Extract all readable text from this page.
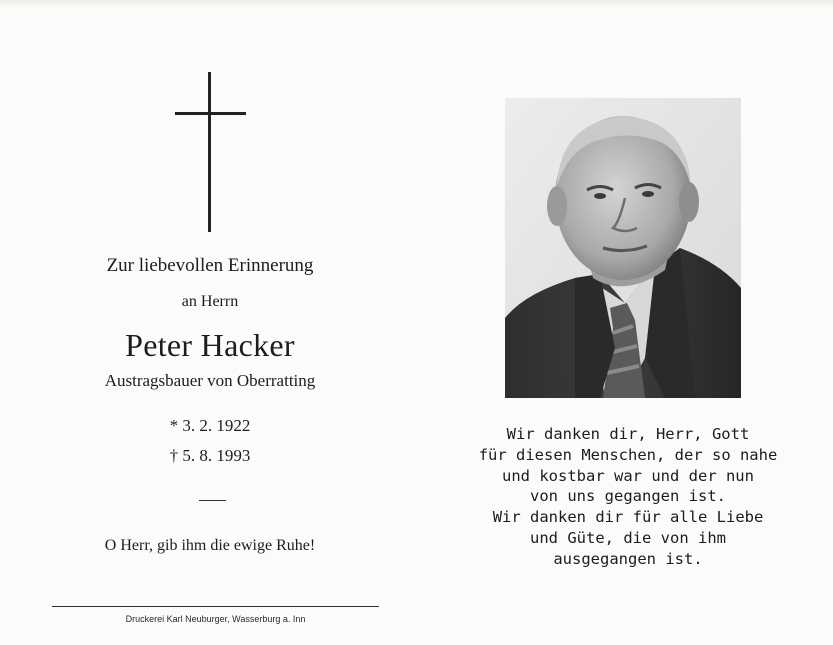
Zur liebevollen Erinnerung
an Herrn
Peter Hacker
Austragsbauer von Oberratting
* 3. 2. 1922
† 5. 8. 1993
O Herr, gib ihm die ewige Ruhe!
Druckerei Karl Neuburger, Wasserburg a. Inn
Wir danken dir, Herr, Gott
für diesen Menschen, der so nahe
und kostbar war und der nun
von uns gegangen ist.
Wir danken dir für alle Liebe
und Güte, die von ihm
ausgegangen ist.
